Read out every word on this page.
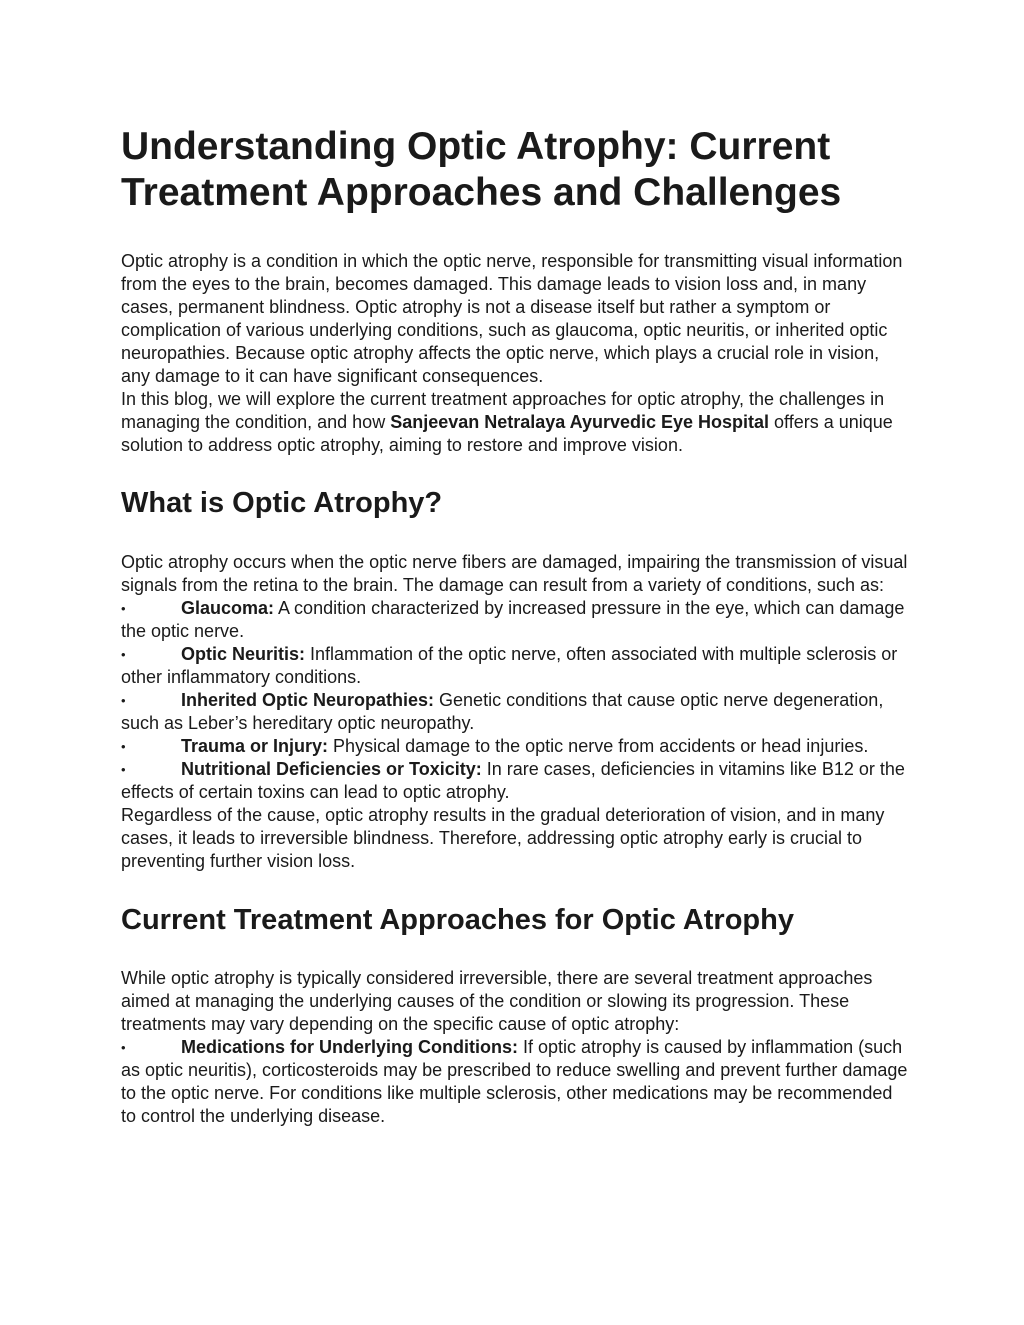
Understanding Optic Atrophy: Current Treatment Approaches and Challenges

Optic atrophy is a condition in which the optic nerve, responsible for transmitting visual information from the eyes to the brain, becomes damaged. This damage leads to vision loss and, in many cases, permanent blindness. Optic atrophy is not a disease itself but rather a symptom or complication of various underlying conditions, such as glaucoma, optic neuritis, or inherited optic neuropathies. Because optic atrophy affects the optic nerve, which plays a crucial role in vision, any damage to it can have significant consequences.

In this blog, we will explore the current treatment approaches for optic atrophy, the challenges in managing the condition, and how Sanjeevan Netralaya Ayurvedic Eye Hospital offers a unique solution to address optic atrophy, aiming to restore and improve vision.

What is Optic Atrophy?

Optic atrophy occurs when the optic nerve fibers are damaged, impairing the transmission of visual signals from the retina to the brain. The damage can result from a variety of conditions, such as:

•	Glaucoma: A condition characterized by increased pressure in the eye, which can damage the optic nerve.
•	Optic Neuritis: Inflammation of the optic nerve, often associated with multiple sclerosis or other inflammatory conditions.
•	Inherited Optic Neuropathies: Genetic conditions that cause optic nerve degeneration, such as Leber’s hereditary optic neuropathy.
•	Trauma or Injury: Physical damage to the optic nerve from accidents or head injuries.
•	Nutritional Deficiencies or Toxicity: In rare cases, deficiencies in vitamins like B12 or the effects of certain toxins can lead to optic atrophy.

Regardless of the cause, optic atrophy results in the gradual deterioration of vision, and in many cases, it leads to irreversible blindness. Therefore, addressing optic atrophy early is crucial to preventing further vision loss.

Current Treatment Approaches for Optic Atrophy

While optic atrophy is typically considered irreversible, there are several treatment approaches aimed at managing the underlying causes of the condition or slowing its progression. These treatments may vary depending on the specific cause of optic atrophy:

•	Medications for Underlying Conditions: If optic atrophy is caused by inflammation (such as optic neuritis), corticosteroids may be prescribed to reduce swelling and prevent further damage to the optic nerve. For conditions like multiple sclerosis, other medications may be recommended to control the underlying disease.
